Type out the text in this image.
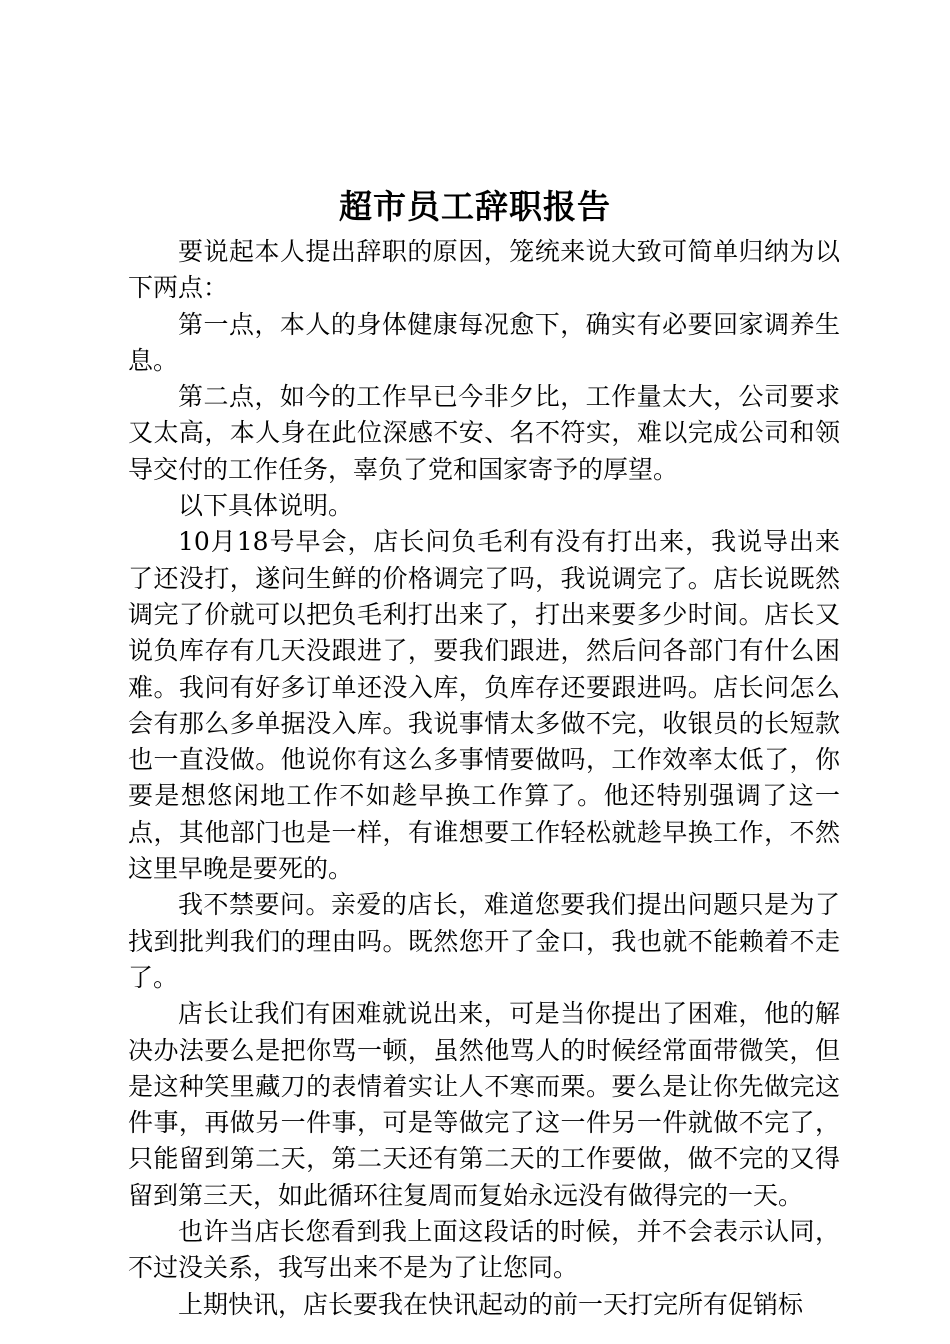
超市员工辞职报告

要说起本人提出辞职的原因，笼统来说大致可简单归纳为以下两点：

第一点，本人的身体健康每况愈下，确实有必要回家调养生息。

第二点，如今的工作早已今非夕比，工作量太大，公司要求又太高，本人身在此位深感不安、名不符实，难以完成公司和领导交付的工作任务，辜负了党和国家寄予的厚望。

以下具体说明。

10月18号早会，店长问负毛利有没有打出来，我说导出来了还没打，遂问生鲜的价格调完了吗，我说调完了。店长说既然调完了价就可以把负毛利打出来了，打出来要多少时间。店长又说负库存有几天没跟进了，要我们跟进，然后问各部门有什么困难。我问有好多订单还没入库，负库存还要跟进吗。店长问怎么会有那么多单据没入库。我说事情太多做不完，收银员的长短款也一直没做。他说你有这么多事情要做吗，工作效率太低了，你要是想悠闲地工作不如趁早换工作算了。他还特别强调了这一点，其他部门也是一样，有谁想要工作轻松就趁早换工作，不然这里早晚是要死的。

我不禁要问。亲爱的店长，难道您要我们提出问题只是为了找到批判我们的理由吗。既然您开了金口，我也就不能赖着不走了。

店长让我们有困难就说出来，可是当你提出了困难，他的解决办法要么是把你骂一顿，虽然他骂人的时候经常面带微笑，但是这种笑里藏刀的表情着实让人不寒而栗。要么是让你先做完这件事，再做另一件事，可是等做完了这一件另一件就做不完了，只能留到第二天，第二天还有第二天的工作要做，做不完的又得留到第三天，如此循环往复周而复始永远没有做得完的一天。

也许当店长您看到我上面这段话的时候，并不会表示认同，不过没关系，我写出来不是为了让您同。

上期快讯，店长要我在快讯起动的前一天打完所有促销标
